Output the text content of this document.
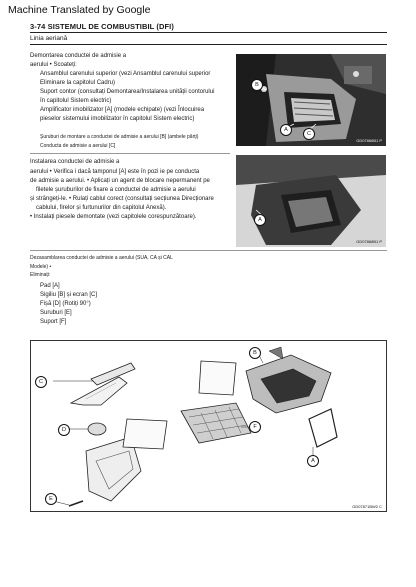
Machine Translated by Google
3-74 SISTEMUL DE COMBUSTIBIL (DFI)
Linia aeriană
Demontarea conductei de admisie a
aerului • Scoateți:
Ansamblul carenului superior (vezi Ansamblul carenului superior
Eliminare la capitolul Cadru)
Suport contor (consultați Demontarea/Instalarea unității contorului
în capitolul Sistem electric)
Amplificator imobilizator [A] (modele echipate) (vezi Înlocuirea
pieselor sistemului imobilizator în capitolul Sistem electric)
Șuruburi de montare a conductei de admisie a aerului [B] (ambele părți)
Conducta de admisie a aerului [C]
B
A
C
GD07866B1 P
Instalarea conductei de admisie a
aerului • Verifica i dacă tamponul [A] este în pozi ie pe conducta
de admisie a aerului. • Aplicați un agent de blocare nepermanent pe
filetele șuruburilor de fixare a conductei de admisie a aerului
și strângeți-le. • Rulați cablul corect (consultați secțiunea Direcționare
cablului, firelor și furtunurilor din capitolul Anexă).
• Instalați piesele demontate (vezi capitolele corespunzătoare).	A
GD07868B1 P
Dezasamblarea conductei de admisie a aerului (SUA, CA și CAL
Modele) •
Eliminați:
Pad [A]
Sigiliu [B] și ecran [C]
Fișă [D] (Rotiți 90°)
Suruburi [E]
Suport [F]
C
D
E
F
A
B
GD07871BW2 C
